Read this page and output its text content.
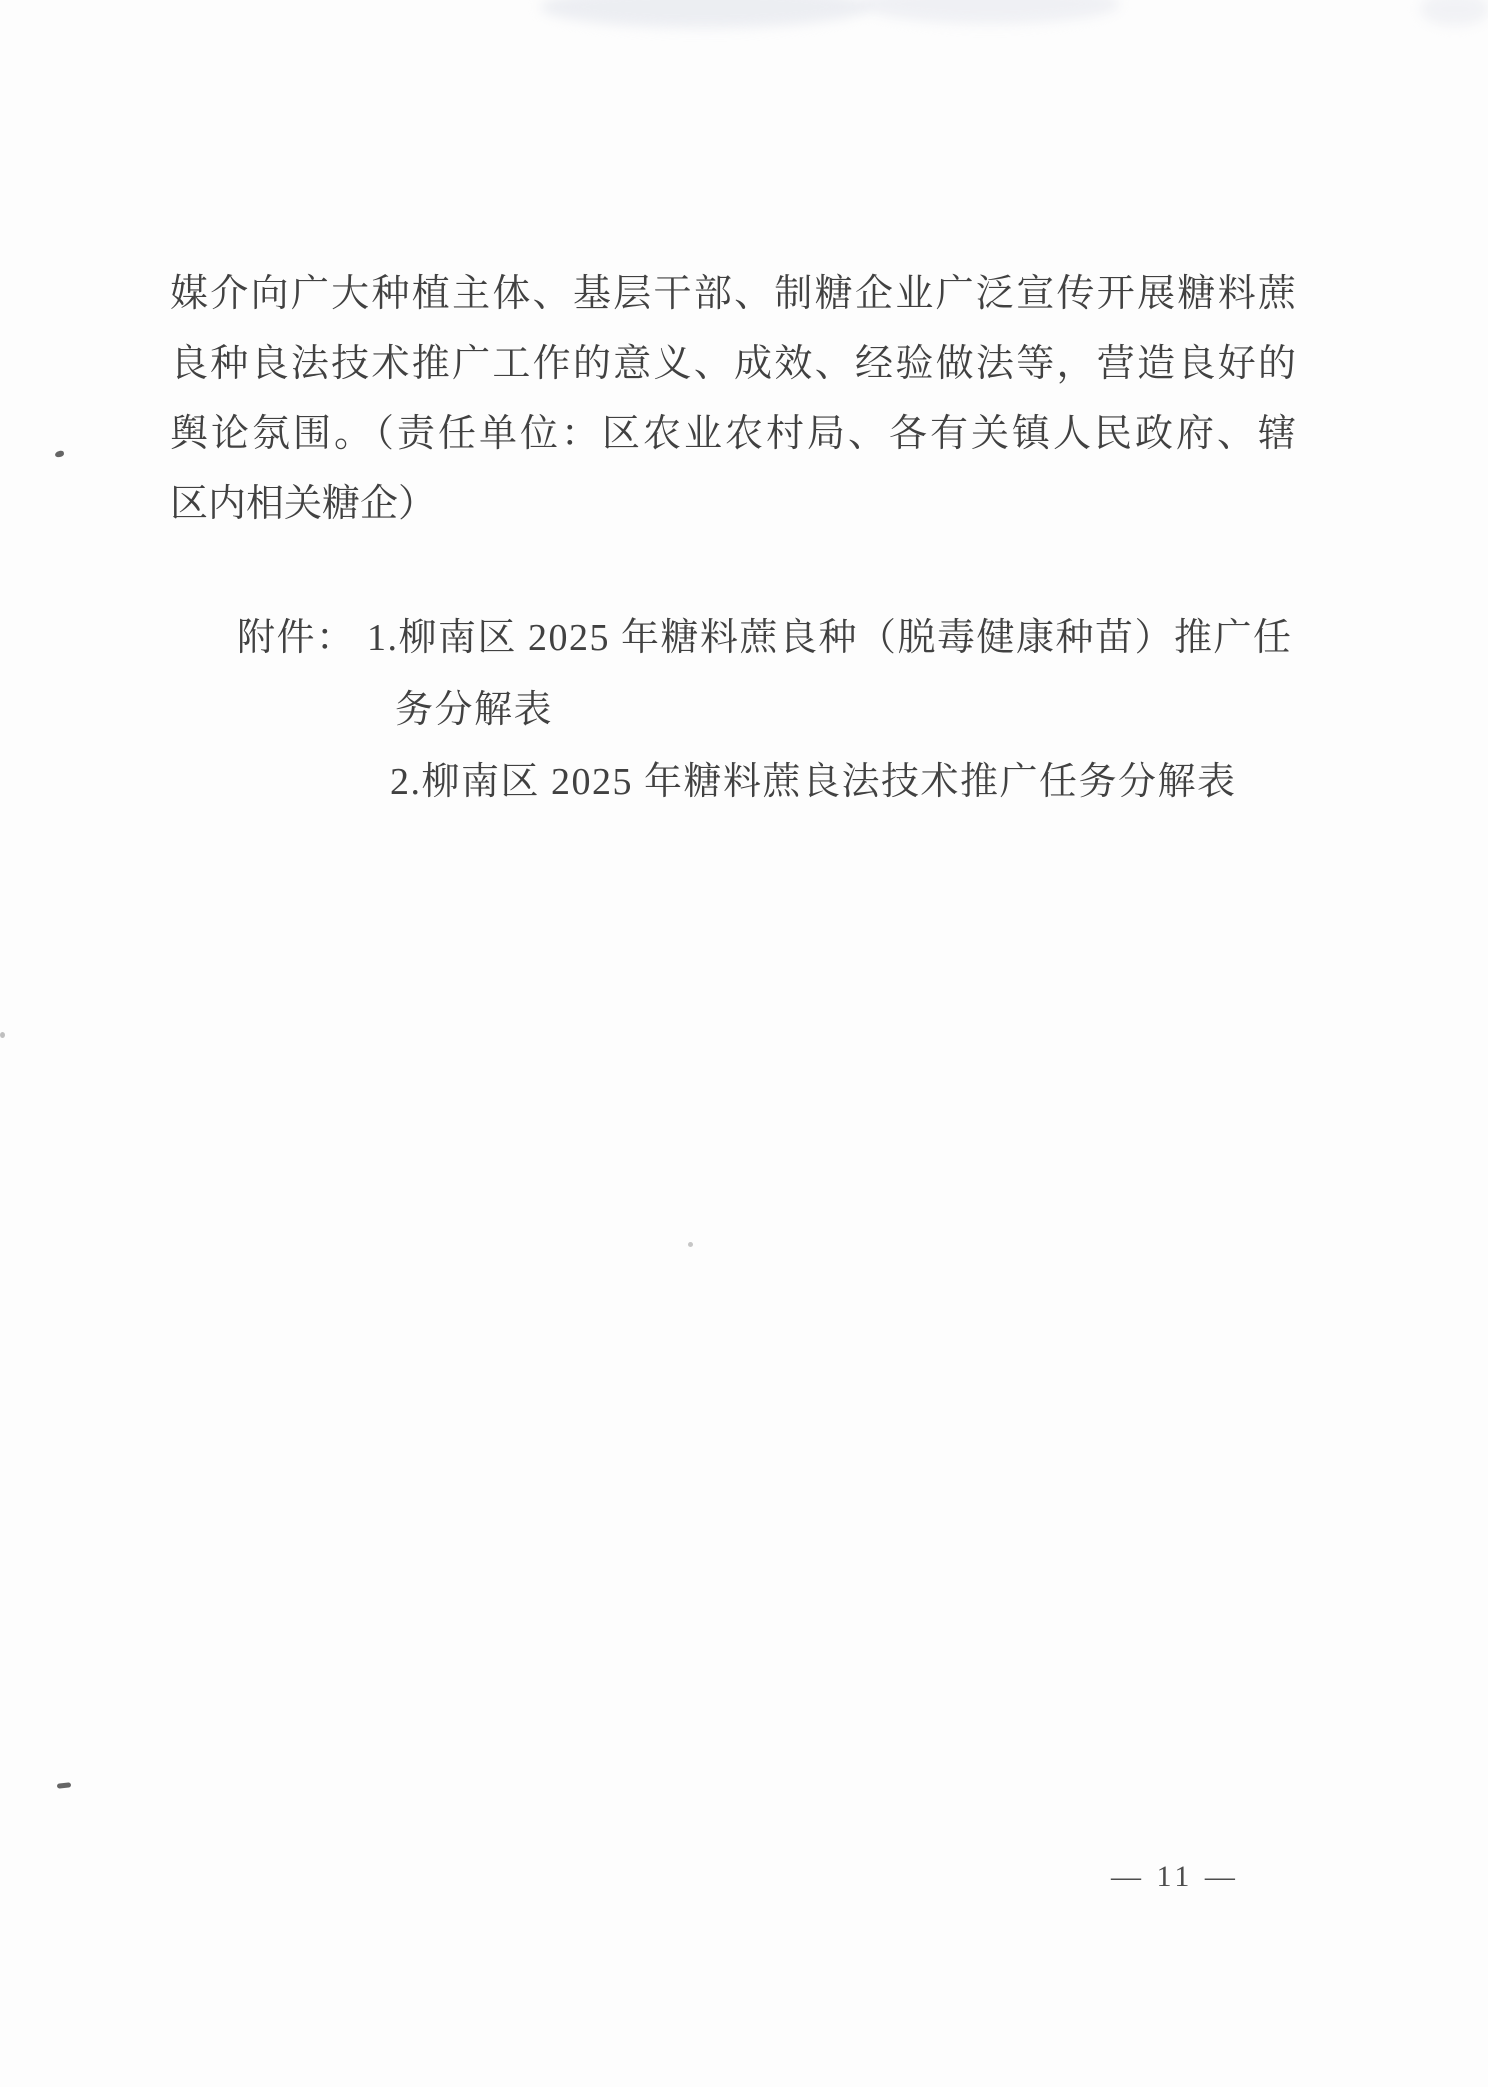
媒介向广大种植主体、基层干部、制糖企业广泛宣传开展糖料蔗
良种良法技术推广工作的意义、成效、经验做法等，营造良好的
舆论氛围。（责任单位：区农业农村局、各有关镇人民政府、辖
区内相关糖企）
附件： 1.柳南区 2025 年糖料蔗良种（脱毒健康种苗）推广任
务分解表
2.柳南区 2025 年糖料蔗良法技术推广任务分解表
— 11 —
